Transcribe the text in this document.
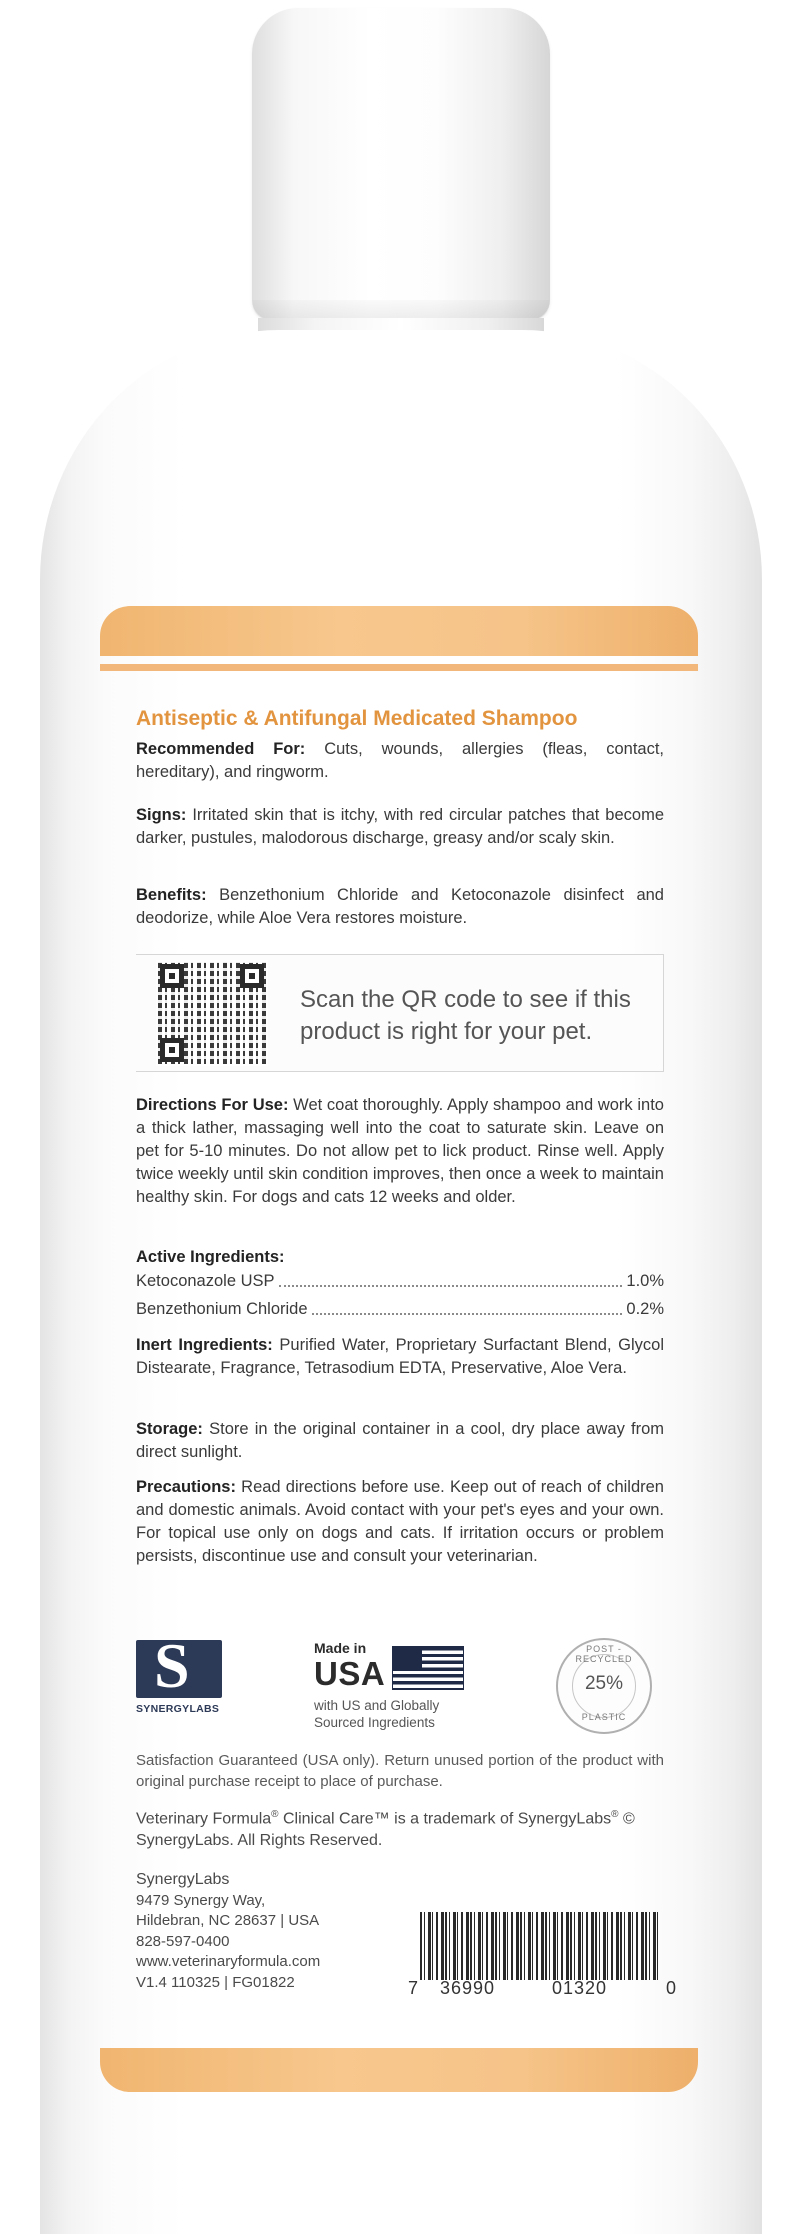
Antiseptic & Antifungal Medicated Shampoo

Recommended For: Cuts, wounds, allergies (fleas, contact, hereditary), and ringworm.

Signs: Irritated skin that is itchy, with red circular patches that become darker, pustules, malodorous discharge, greasy and/or scaly skin.

Benefits: Benzethonium Chloride and Ketoconazole disinfect and deodorize, while Aloe Vera restores moisture.

Scan the QR code to see if this product is right for your pet.

Directions For Use: Wet coat thoroughly. Apply shampoo and work into a thick lather, massaging well into the coat to saturate skin. Leave on pet for 5-10 minutes. Do not allow pet to lick product. Rinse well. Apply twice weekly until skin condition improves, then once a week to maintain healthy skin. For dogs and cats 12 weeks and older.

Active Ingredients:
Ketoconazole USP	1.0%
Benzethonium Chloride	0.2%

Inert Ingredients: Purified Water, Proprietary Surfactant Blend, Glycol Distearate, Fragrance, Tetrasodium EDTA, Preservative, Aloe Vera.

Storage: Store in the original container in a cool, dry place away from direct sunlight.

Precautions: Read directions before use. Keep out of reach of children and domestic animals. Avoid contact with your pet's eyes and your own. For topical use only on dogs and cats. If irritation occurs or problem persists, discontinue use and consult your veterinarian.

S
SYNERGYLABS
Made in
USA
with US and Globally Sourced Ingredients
POST - RECYCLED
25%
PLASTIC

Satisfaction Guaranteed (USA only). Return unused portion of the product with original purchase receipt to place of purchase.

Veterinary Formula® Clinical Care™ is a trademark of SynergyLabs® © SynergyLabs. All Rights Reserved.

SynergyLabs
9479 Synergy Way,
Hildebran, NC 28637 | USA
828-597-0400
www.veterinaryformula.com
V1.4 110325 | FG01822	7 36990	01320	0
